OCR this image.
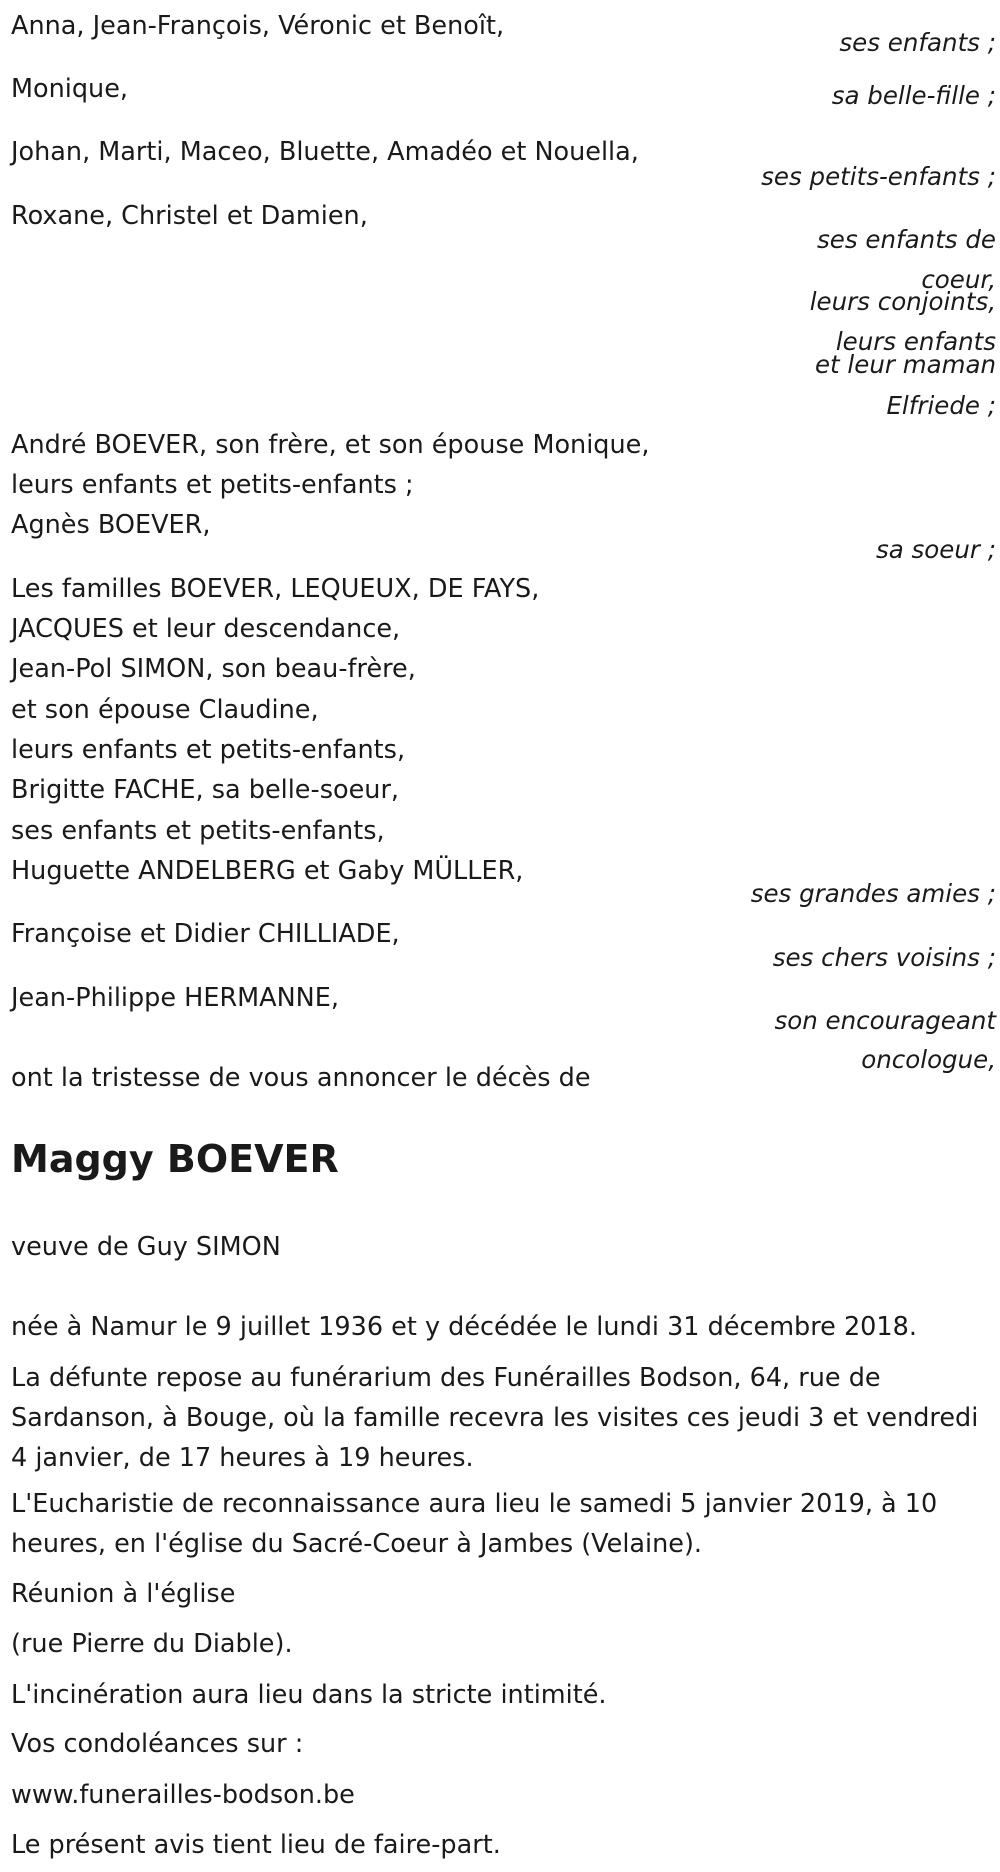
Anna, Jean-François, Véronic et Benoît,
ses enfants ;
Monique,	sa belle-fille ;
Johan, Marti, Maceo, Bluette, Amadéo et Nouella,
ses petits-enfants ;
Roxane, Christel et Damien,
ses enfants de
coeur,
leurs conjoints,
leurs enfants
et leur maman
Elfriede ;
André BOEVER, son frère, et son épouse Monique,
leurs enfants et petits-enfants ;
Agnès BOEVER,
sa soeur ;
Les familles BOEVER, LEQUEUX, DE FAYS,
JACQUES et leur descendance,
Jean-Pol SIMON, son beau-frère,
et son épouse Claudine,
leurs enfants et petits-enfants,
Brigitte FACHE, sa belle-soeur,
ses enfants et petits-enfants,
Huguette ANDELBERG et Gaby MÜLLER,
ses grandes amies ;
Françoise et Didier CHILLIADE,
ses chers voisins ;
Jean-Philippe HERMANNE,
son encourageant
oncologue,
ont la tristesse de vous annoncer le décès de
Maggy BOEVER
veuve de Guy SIMON
née à Namur le 9 juillet 1936 et y décédée le lundi 31 décembre 2018.
La défunte repose au funérarium des Funérailles Bodson, 64, rue de Sardanson, à Bouge, où la famille recevra les visites ces jeudi 3 et vendredi 4 janvier, de 17 heures à 19 heures.
L'Eucharistie de reconnaissance aura lieu le samedi 5 janvier 2019, à 10 heures, en l'église du Sacré-Coeur à Jambes (Velaine).
Réunion à l'église
(rue Pierre du Diable).
L'incinération aura lieu dans la stricte intimité.
Vos condoléances sur :
www.funerailles-bodson.be
Le présent avis tient lieu de faire-part.
